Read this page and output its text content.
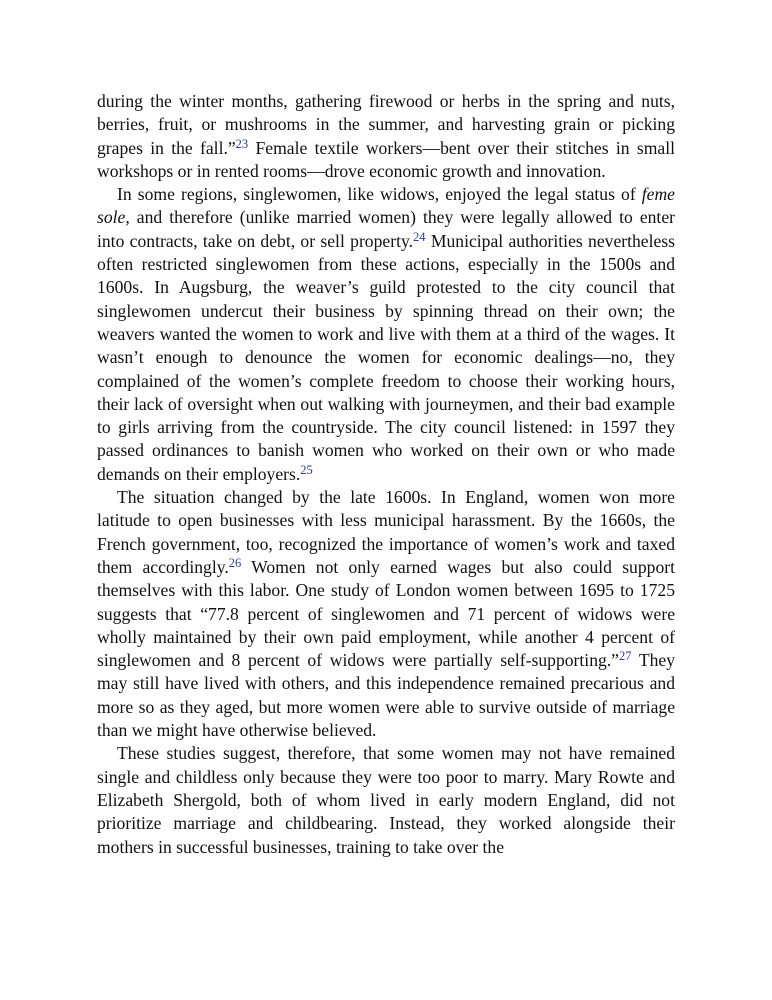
during the winter months, gathering firewood or herbs in the spring and nuts, berries, fruit, or mushrooms in the summer, and harvesting grain or picking grapes in the fall.”$^{23}$ Female textile workers—bent over their stitches in small workshops or in rented rooms—drove economic growth and innovation.

In some regions, singlewomen, like widows, enjoyed the legal status of feme sole, and therefore (unlike married women) they were legally allowed to enter into contracts, take on debt, or sell property.$^{24}$ Municipal authorities nevertheless often restricted singlewomen from these actions, especially in the 1500s and 1600s. In Augsburg, the weaver’s guild protested to the city council that singlewomen undercut their business by spinning thread on their own; the weavers wanted the women to work and live with them at a third of the wages. It wasn’t enough to denounce the women for economic dealings—no, they complained of the women’s complete freedom to choose their working hours, their lack of oversight when out walking with journeymen, and their bad example to girls arriving from the countryside. The city council listened: in 1597 they passed ordinances to banish women who worked on their own or who made demands on their employers.$^{25}$

The situation changed by the late 1600s. In England, women won more latitude to open businesses with less municipal harassment. By the 1660s, the French government, too, recognized the importance of women’s work and taxed them accordingly.$^{26}$ Women not only earned wages but also could support themselves with this labor. One study of London women between 1695 to 1725 suggests that “77.8 percent of singlewomen and 71 percent of widows were wholly maintained by their own paid employment, while another 4 percent of singlewomen and 8 percent of widows were partially self-supporting.”$^{27}$ They may still have lived with others, and this independence remained precarious and more so as they aged, but more women were able to survive outside of marriage than we might have otherwise believed.

These studies suggest, therefore, that some women may not have remained single and childless only because they were too poor to marry. Mary Rowte and Elizabeth Shergold, both of whom lived in early modern England, did not prioritize marriage and childbearing. Instead, they worked alongside their mothers in successful businesses, training to take over the
